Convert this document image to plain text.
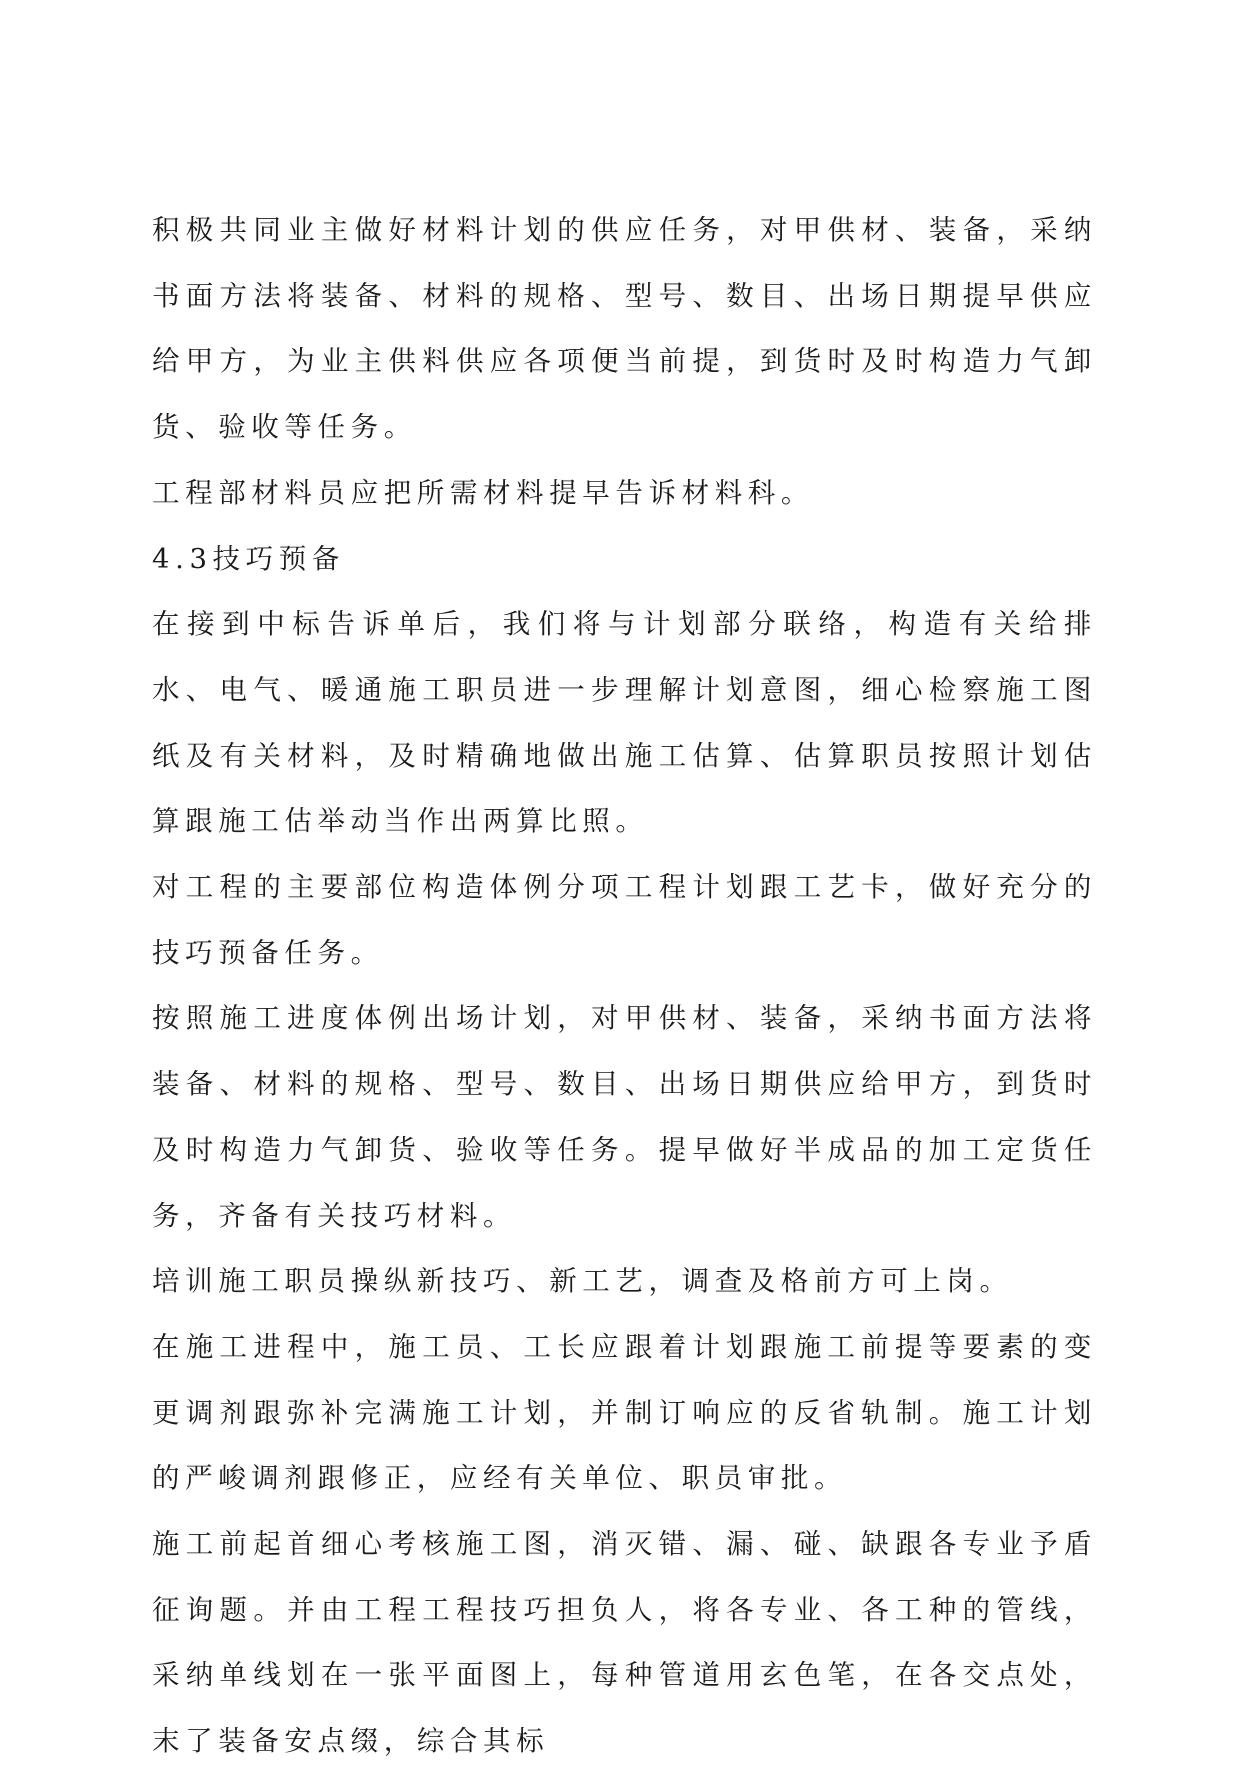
积极共同业主做好材料计划的供应任务，对甲供材、装备，采纳书面方法将装备、材料的规格、型号、数目、出场日期提早供应给甲方，为业主供料供应各项便当前提，到货时及时构造力气卸货、验收等任务。

工程部材料员应把所需材料提早告诉材料科。

4.3技巧预备

在接到中标告诉单后，我们将与计划部分联络，构造有关给排水、电气、暖通施工职员进一步理解计划意图，细心检察施工图纸及有关材料，及时精确地做出施工估算、估算职员按照计划估算跟施工估举动当作出两算比照。

对工程的主要部位构造体例分项工程计划跟工艺卡，做好充分的技巧预备任务。

按照施工进度体例出场计划，对甲供材、装备，采纳书面方法将装备、材料的规格、型号、数目、出场日期供应给甲方，到货时及时构造力气卸货、验收等任务。提早做好半成品的加工定货任务，齐备有关技巧材料。

培训施工职员操纵新技巧、新工艺，调查及格前方可上岗。

在施工进程中，施工员、工长应跟着计划跟施工前提等要素的变更调剂跟弥补完满施工计划，并制订响应的反省轨制。施工计划的严峻调剂跟修正，应经有关单位、职员审批。

施工前起首细心考核施工图，消灭错、漏、碰、缺跟各专业予盾征询题。并由工程工程技巧担负人，将各专业、各工种的管线，采纳单线划在一张平面图上，每种管道用玄色笔，在各交点处，末了装备安点缀，综合其标
